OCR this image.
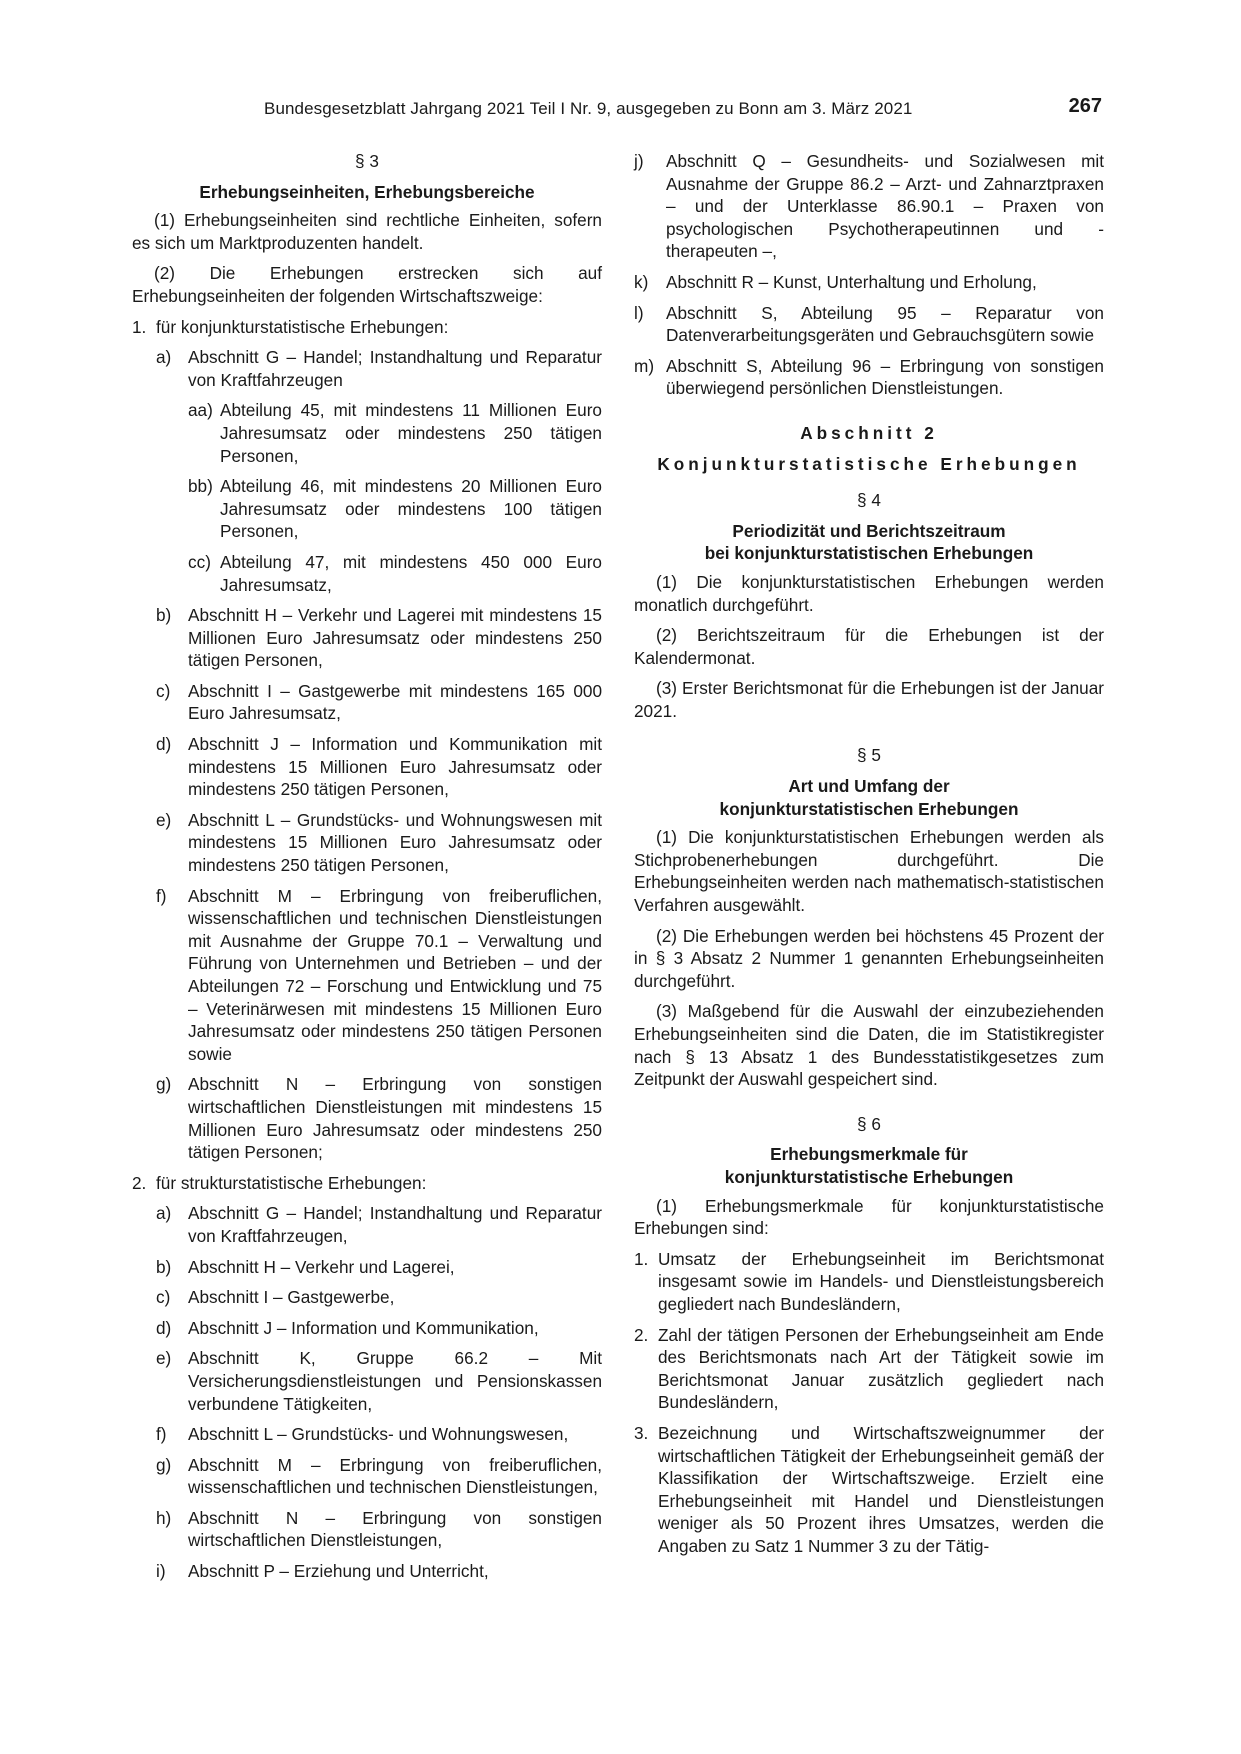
Bundesgesetzblatt Jahrgang 2021 Teil I Nr. 9, ausgegeben zu Bonn am 3. März 2021	267
§ 3
Erhebungseinheiten, Erhebungsbereiche

(1) Erhebungseinheiten sind rechtliche Einheiten, sofern es sich um Marktproduzenten handelt.

(2) Die Erhebungen erstrecken sich auf Erhebungseinheiten der folgenden Wirtschaftszweige:

1. für konjunkturstatistische Erhebungen:
a) Abschnitt G – Handel; Instandhaltung und Reparatur von Kraftfahrzeugen
aa) Abteilung 45, mit mindestens 11 Millionen Euro Jahresumsatz oder mindestens 250 tätigen Personen,
bb) Abteilung 46, mit mindestens 20 Millionen Euro Jahresumsatz oder mindestens 100 tätigen Personen,
cc) Abteilung 47, mit mindestens 450 000 Euro Jahresumsatz,
b) Abschnitt H – Verkehr und Lagerei mit mindestens 15 Millionen Euro Jahresumsatz oder mindestens 250 tätigen Personen,
c)	Abschnitt I – Gastgewerbe mit mindestens 165 000 Euro Jahresumsatz,
d) Abschnitt J – Information und Kommunikation mit mindestens 15 Millionen Euro Jahresumsatz oder mindestens 250 tätigen Personen,
e) Abschnitt L – Grundstücks- und Wohnungswesen mit mindestens 15 Millionen Euro Jahresumsatz oder mindestens 250 tätigen Personen,
f)	Abschnitt M – Erbringung von freiberuflichen, wissenschaftlichen und technischen Dienstleistungen mit Ausnahme der Gruppe 70.1 – Verwaltung und Führung von Unternehmen und Betrieben – und der Abteilungen 72 – Forschung und Entwicklung und 75 – Veterinärwesen mit mindestens 15 Millionen Euro Jahresumsatz oder mindestens 250 tätigen Personen sowie
g) Abschnitt N – Erbringung von sonstigen wirtschaftlichen Dienstleistungen mit mindestens 15 Millionen Euro Jahresumsatz oder mindestens 250 tätigen Personen;
2. für strukturstatistische Erhebungen:
a) Abschnitt G – Handel; Instandhaltung und Reparatur von Kraftfahrzeugen,
b) Abschnitt H – Verkehr und Lagerei,
c)	Abschnitt I – Gastgewerbe,
d) Abschnitt J – Information und Kommunikation,
e) Abschnitt K, Gruppe 66.2 – Mit Versicherungsdienstleistungen und Pensionskassen verbundene Tätigkeiten,
f)	Abschnitt L – Grundstücks- und Wohnungswesen,
g) Abschnitt M – Erbringung von freiberuflichen, wissenschaftlichen und technischen Dienstleistungen,
h) Abschnitt N – Erbringung von sonstigen wirtschaftlichen Dienstleistungen,
i)	Abschnitt P – Erziehung und Unterricht,
j)	Abschnitt Q – Gesundheits- und Sozialwesen mit Ausnahme der Gruppe 86.2 – Arzt- und Zahnarztpraxen – und der Unterklasse 86.90.1 – Praxen von psychologischen Psychotherapeutinnen und -therapeuten –,
k)	Abschnitt R – Kunst, Unterhaltung und Erholung,
l)	Abschnitt S, Abteilung 95 – Reparatur von Datenverarbeitungsgeräten und Gebrauchsgütern sowie
m) Abschnitt S, Abteilung 96 – Erbringung von sonstigen überwiegend persönlichen Dienstleistungen.
Abschnitt 2
Konjunkturstatistische Erhebungen
§ 4
Periodizität und Berichtszeitraum
bei konjunkturstatistischen Erhebungen

(1) Die konjunkturstatistischen Erhebungen werden monatlich durchgeführt.

(2) Berichtszeitraum für die Erhebungen ist der Kalendermonat.

(3) Erster Berichtsmonat für die Erhebungen ist der Januar 2021.

§ 5
Art und Umfang der
konjunkturstatistischen Erhebungen

(1) Die konjunkturstatistischen Erhebungen werden als Stichprobenerhebungen durchgeführt. Die Erhebungseinheiten werden nach mathematisch-statistischen Verfahren ausgewählt.

(2) Die Erhebungen werden bei höchstens 45 Prozent der in § 3 Absatz 2 Nummer 1 genannten Erhebungseinheiten durchgeführt.

(3) Maßgebend für die Auswahl der einzubeziehenden Erhebungseinheiten sind die Daten, die im Statistikregister nach § 13 Absatz 1 des Bundesstatistikgesetzes zum Zeitpunkt der Auswahl gespeichert sind.

§ 6
Erhebungsmerkmale für
konjunkturstatistische Erhebungen

(1) Erhebungsmerkmale für konjunkturstatistische Erhebungen sind:

1. Umsatz der Erhebungseinheit im Berichtsmonat insgesamt sowie im Handels- und Dienstleistungsbereich gegliedert nach Bundesländern,
2. Zahl der tätigen Personen der Erhebungseinheit am Ende des Berichtsmonats nach Art der Tätigkeit sowie im Berichtsmonat Januar zusätzlich gegliedert nach Bundesländern,
3. Bezeichnung und Wirtschaftszweignummer der wirtschaftlichen Tätigkeit der Erhebungseinheit gemäß der Klassifikation der Wirtschaftszweige. Erzielt eine Erhebungseinheit mit Handel und Dienstleistungen weniger als 50 Prozent ihres Umsatzes, werden die Angaben zu Satz 1 Nummer 3 zu der Tätig-
